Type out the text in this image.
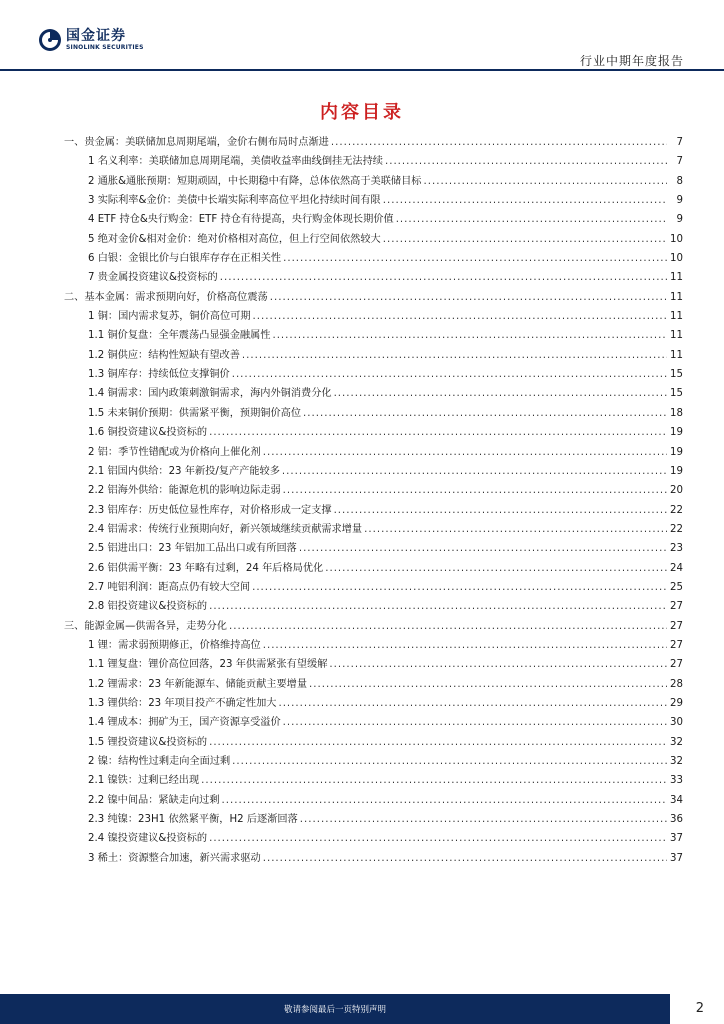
国金证券
SINOLINK SECURITIES
行业中期年度报告
内容目录
一、贵金属：美联储加息周期尾端，金价右侧布局时点渐进 .....	7
1 名义利率：美联储加息周期尾端，美债收益率曲线倒挂无法持续 .....	7
2 通胀&通胀预期：短期顽固，中长期稳中有降，总体依然高于美联储目标 .....	8
3 实际利率&金价：美债中长端实际利率高位平坦化持续时间有限 .....	9
4 ETF 持仓&央行购金：ETF 持仓有待提高，央行购金体现长期价值 .....	9
5 绝对金价&相对金价：绝对价格相对高位，但上行空间依然较大 .....	10
6 白银：金银比价与白银库存存在正相关性 .....	10
7 贵金属投资建议&投资标的 .....	11
二、基本金属：需求预期向好，价格高位震荡 .....	11
1 铜：国内需求复苏，铜价高位可期 .....	11
1.1 铜价复盘：全年震荡凸显强金融属性 .....	11
1.2 铜供应：结构性短缺有望改善 .....	11
1.3 铜库存：持续低位支撑铜价 .....	15
1.4 铜需求：国内政策刺激铜需求，海内外铜消费分化 .....	15
1.5 未来铜价预期：供需紧平衡，预期铜价高位 .....	18
1.6 铜投资建议&投资标的 .....	19
2 铝：季节性错配或为价格向上催化剂 .....	19
2.1 铝国内供给：23 年新投/复产产能较多 .....	19
2.2 铝海外供给：能源危机的影响边际走弱 .....	20
2.3 铝库存：历史低位显性库存，对价格形成一定支撑 .....	22
2.4 铝需求：传统行业预期向好，新兴领域继续贡献需求增量 .....	22
2.5 铝进出口：23 年铝加工品出口或有所回落 .....	23
2.6 铝供需平衡：23 年略有过剩，24 年后格局优化 .....	24
2.7 吨铝利润：距高点仍有较大空间 .....	25
2.8 铝投资建议&投资标的 .....	27
三、能源金属—供需各异，走势分化 .....	27
1 锂：需求弱预期修正，价格维持高位 .....	27
1.1 锂复盘：锂价高位回落，23 年供需紧张有望缓解 .....	27
1.2 锂需求：23 年新能源车、储能贡献主要增量 .....	28
1.3 锂供给：23 年项目投产不确定性加大 .....	29
1.4 锂成本：拥矿为王，国产资源享受溢价 .....	30
1.5 锂投资建议&投资标的 .....	32
2 镍：结构性过剩走向全面过剩 .....	32
2.1 镍铁：过剩已经出现 .....	33
2.2 镍中间品：紧缺走向过剩 .....	34
2.3 纯镍：23H1 依然紧平衡，H2 后逐渐回落 .....	36
2.4 镍投资建议&投资标的 .....	37
3 稀土：资源整合加速，新兴需求驱动 .....	37
敬请参阅最后一页特别声明	2
